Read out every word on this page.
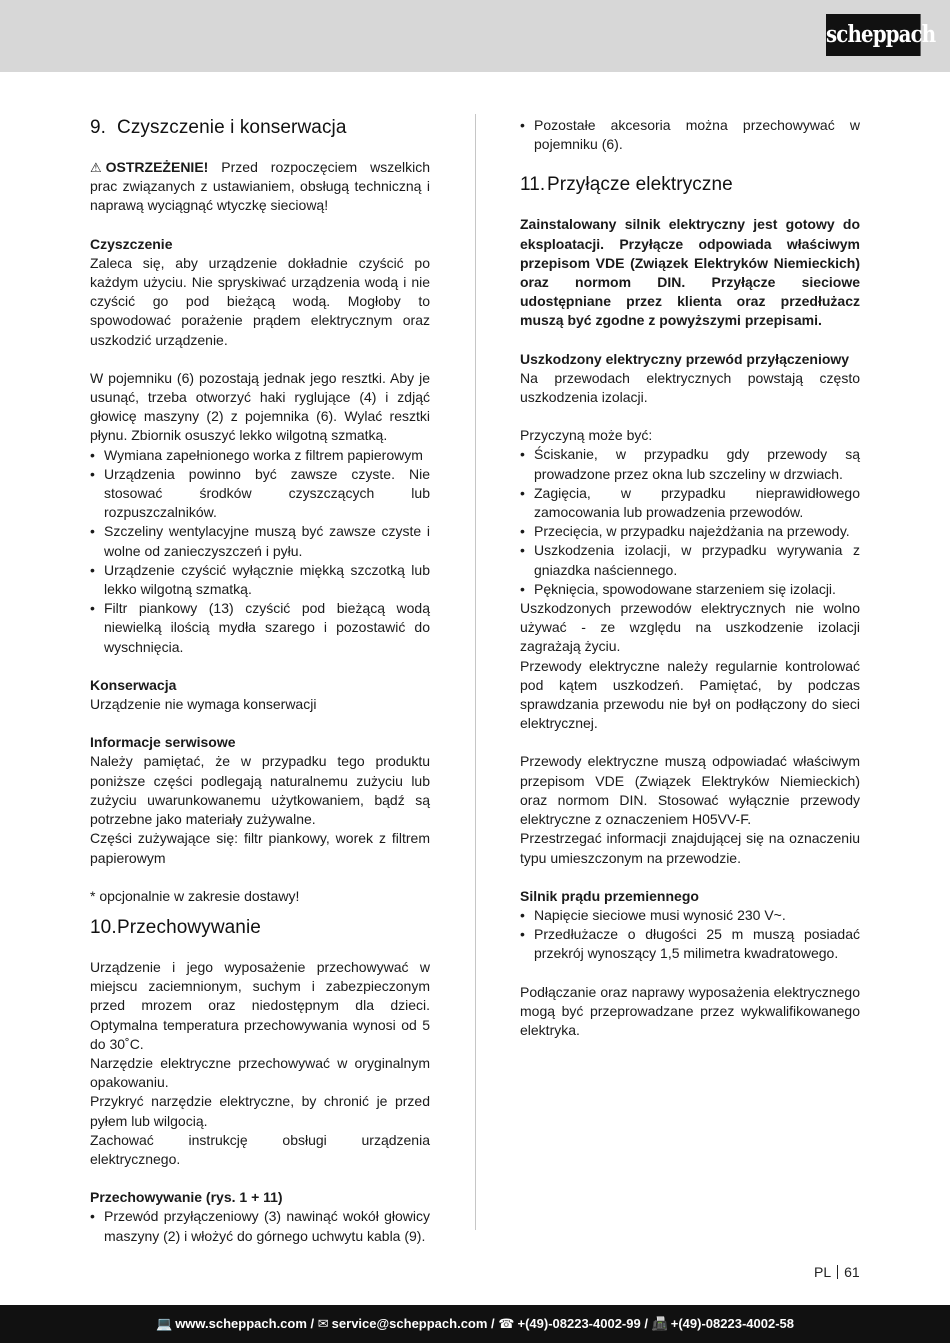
scheppach
9. Czyszczenie i konserwacja

⚠ OSTRZEŻENIE! Przed rozpoczęciem wszelkich prac związanych z ustawianiem, obsługą techniczną i naprawą wyciągnąć wtyczkę sieciową!

Czyszczenie

Zaleca się, aby urządzenie dokładnie czyścić po każdym użyciu. Nie spryskiwać urządzenia wodą i nie czyścić go pod bieżącą wodą. Mogłoby to spowodować porażenie prądem elektrycznym oraz uszkodzić urządzenie.

W pojemniku (6) pozostają jednak jego resztki. Aby je usunąć, trzeba otworzyć haki ryglujące (4) i zdjąć głowicę maszyny (2) z pojemnika (6). Wylać resztki płynu. Zbiornik osuszyć lekko wilgotną szmatką.

• Wymiana zapełnionego worka z filtrem papierowym
• Urządzenia powinno być zawsze czyste. Nie stosować środków czyszczących lub rozpuszczalników.
• Szczeliny wentylacyjne muszą być zawsze czyste i wolne od zanieczyszczeń i pyłu.
• Urządzenie czyścić wyłącznie miękką szczotką lub lekko wilgotną szmatką.
• Filtr piankowy (13) czyścić pod bieżącą wodą niewielką ilością mydła szarego i pozostawić do wyschnięcia.
Konserwacja

Urządzenie nie wymaga konserwacji

Informacje serwisowe

Należy pamiętać, że w przypadku tego produktu poniższe części podlegają naturalnemu zużyciu lub zużyciu uwarunkowanemu użytkowaniem, bądź są potrzebne jako materiały zużywalne.

Części zużywające się: filtr piankowy, worek z filtrem papierowym

* opcjonalnie w zakresie dostawy!

10.Przechowywanie

Urządzenie i jego wyposażenie przechowywać w miejscu zaciemnionym, suchym i zabezpieczonym przed mrozem oraz niedostępnym dla dzieci. Optymalna temperatura przechowywania wynosi od 5 do 30˚C.

Narzędzie elektryczne przechowywać w oryginalnym opakowaniu.

Przykryć narzędzie elektryczne, by chronić je przed pyłem lub wilgocią.

Zachować instrukcję obsługi urządzenia elektrycznego.

Przechowywanie (rys. 1 + 11)
• Przewód przyłączeniowy (3) nawinąć wokół głowicy maszyny (2) i włożyć do górnego uchwytu kabla (9).
• Pozostałe akcesoria można przechowywać w pojemniku (6).
11.Przyłącze elektryczne

Zainstalowany silnik elektryczny jest gotowy do eksploatacji. Przyłącze odpowiada właściwym przepisom VDE (Związek Elektryków Niemieckich) oraz normom DIN. Przyłącze sieciowe udostępniane przez klienta oraz przedłużacz muszą być zgodne z powyższymi przepisami.

Uszkodzony elektryczny przewód przyłączeniowy

Na przewodach elektrycznych powstają często uszkodzenia izolacji.

Przyczyną może być:

• Ściskanie, w przypadku gdy przewody są prowadzone przez okna lub szczeliny w drzwiach.
• Zagięcia, w przypadku nieprawidłowego zamocowania lub prowadzenia przewodów.
• Przecięcia, w przypadku najeżdżania na przewody.
• Uszkodzenia izolacji, w przypadku wyrywania z gniazdka naściennego.
• Pęknięcia, spowodowane starzeniem się izolacji.

Uszkodzonych przewodów elektrycznych nie wolno używać - ze względu na uszkodzenie izolacji zagrażają życiu.

Przewody elektryczne należy regularnie kontrolować pod kątem uszkodzeń. Pamiętać, by podczas sprawdzania przewodu nie był on podłączony do sieci elektrycznej.

Przewody elektryczne muszą odpowiadać właściwym przepisom VDE (Związek Elektryków Niemieckich) oraz normom DIN. Stosować wyłącznie przewody elektryczne z oznaczeniem H05VV-F.

Przestrzegać informacji znajdującej się na oznaczeniu typu umieszczonym na przewodzie.

Silnik prądu przemiennego
• Napięcie sieciowe musi wynosić 230 V~.
• Przedłużacze o długości 25 m muszą posiadać przekrój wynoszący 1,5 milimetra kwadratowego.

Podłączanie oraz naprawy wyposażenia elektrycznego mogą być przeprowadzane przez wykwalifikowanego elektryka.

PL 61
💻 www.scheppach.com / ✉ service@scheppach.com / ☎ +(49)-08223-4002-99 / 📠 +(49)-08223-4002-58
